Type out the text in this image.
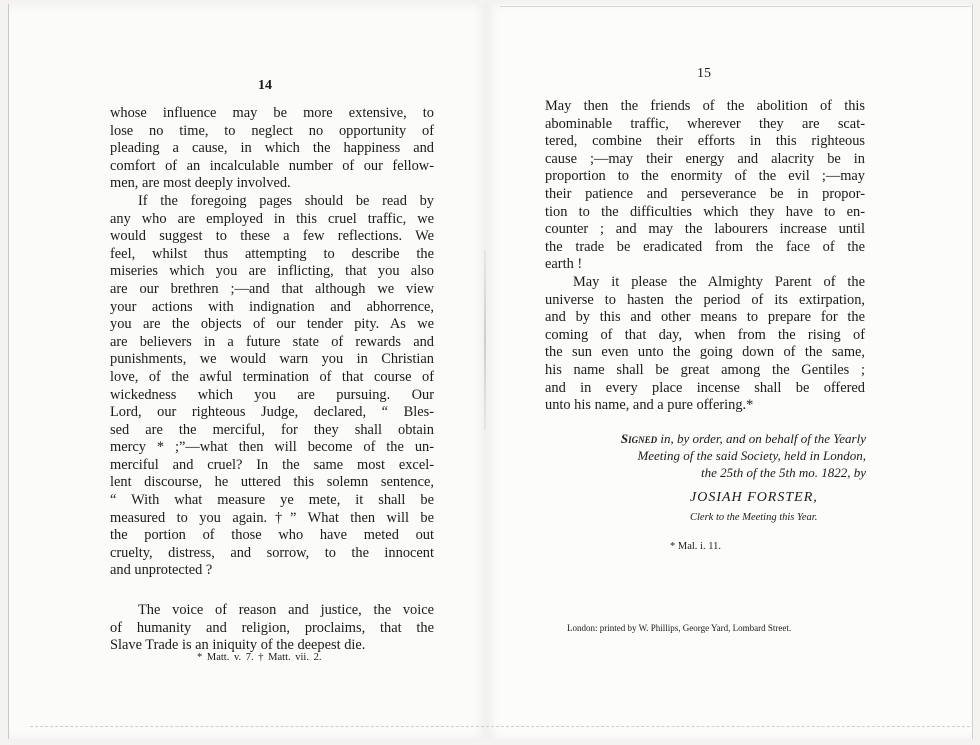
14

whose influence may be more extensive, to
lose no time, to neglect no opportunity of
pleading a cause, in which the happiness and
comfort of an incalculable number of our fellow-
men, are most deeply involved.

If the foregoing pages should be read by
any who are employed in this cruel traffic, we
would suggest to these a few reflections. We
feel, whilst thus attempting to describe the
miseries which you are inflicting, that you also
are our brethren ;—and that although we view
your actions with indignation and abhorrence,
you are the objects of our tender pity. As we
are believers in a future state of rewards and
punishments, we would warn you in Christian
love, of the awful termination of that course of
wickedness which you are pursuing. Our
Lord, our righteous Judge, declared, “ Bles-
sed are the merciful, for they shall obtain
mercy * ;”—what then will become of the un-
merciful and cruel? In the same most excel-
lent discourse, he uttered this solemn sentence,
“ With what measure ye mete, it shall be
measured to you again.†” What then will be
the portion of those who have meted out
cruelty, distress, and sorrow, to the innocent
and unprotected ?

The voice of reason and justice, the voice
of humanity and religion, proclaims, that the
Slave Trade is an iniquity of the deepest die.

* Matt. v. 7. † Matt. vii. 2.
15

May then the friends of the abolition of this
abominable traffic, wherever they are scat-
tered, combine their efforts in this righteous
cause ;—may their energy and alacrity be in
proportion to the enormity of the evil ;—may
their patience and perseverance be in propor-
tion to the difficulties which they have to en-
counter ; and may the labourers increase until
the trade be eradicated from the face of the
earth !

May it please the Almighty Parent of the
universe to hasten the period of its extirpation,
and by this and other means to prepare for the
coming of that day, when from the rising of
the sun even unto the going down of the same,
his name shall be great among the Gentiles ;
and in every place incense shall be offered
unto his name, and a pure offering.*

Signed in, by order, and on behalf of the Yearly
Meeting of the said Society, held in London,
the 25th of the 5th mo. 1822, by
JOSIAH FORSTER,
Clerk to the Meeting this Year.
* Mal. i. 11.
London: printed by W. Phillips, George Yard, Lombard Street.
